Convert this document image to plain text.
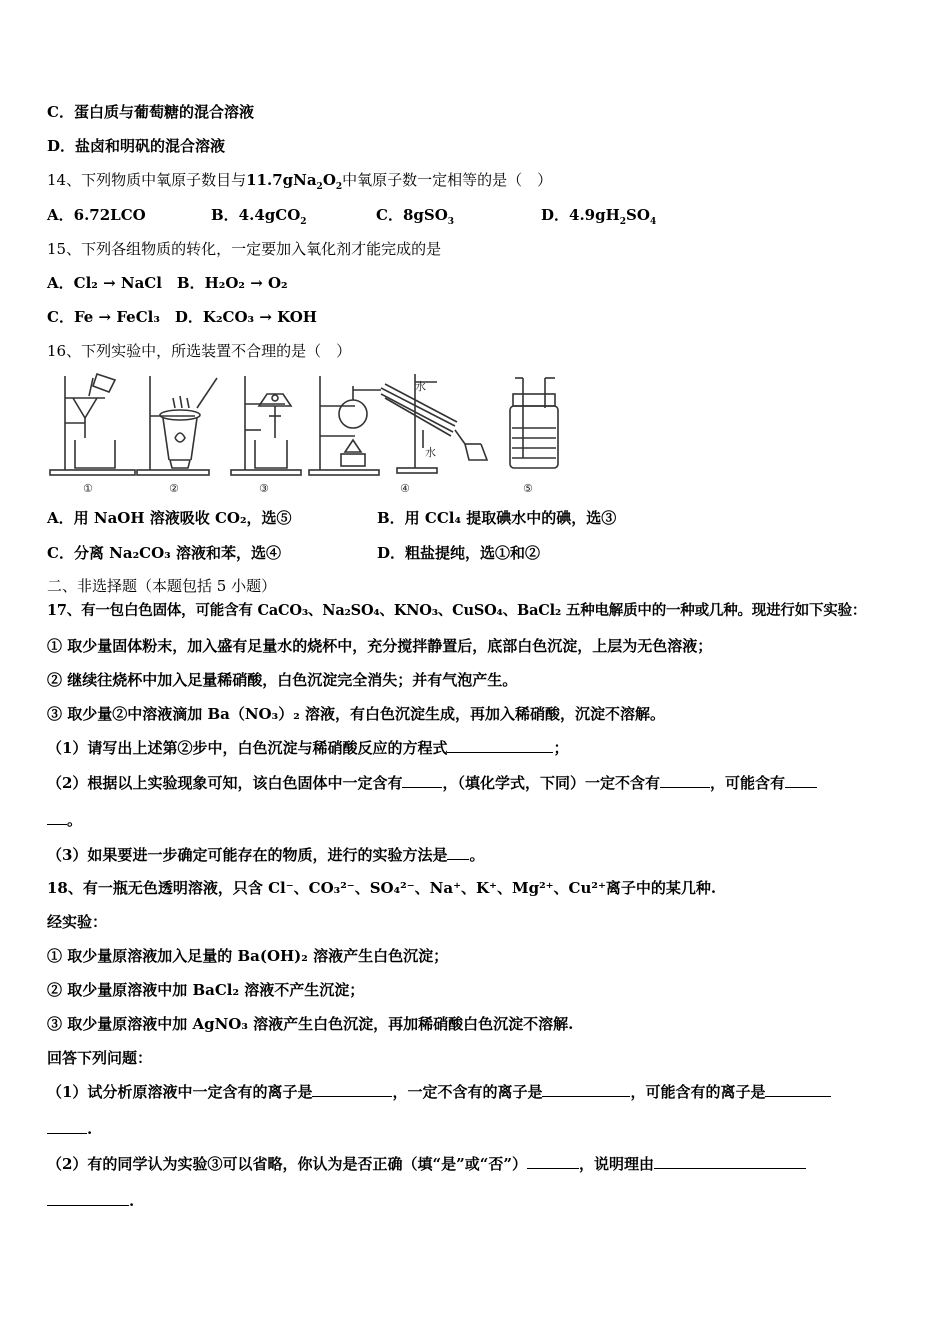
C．蛋白质与葡萄糖的混合溶液
D．盐卤和明矾的混合溶液
14、下列物质中氧原子数目与$11.7gNa_2O_2$中氧原子数一定相等的是（　）
A．6.72LCO	B．4.4gCO$_2$	C．8gSO$_3$	D．$4.9gH_2SO_4$
15、下列各组物质的转化，一定要加入氧化剂才能完成的是
A．Cl₂ → NaCl　B．H₂O₂ → O₂
C．Fe → FeCl₃　D．K₂CO₃ → KOH
16、下列实验中，所选装置不合理的是（　）
水
水
①	②	③	④	⑤
A．用 NaOH 溶液吸收 CO₂，选⑤	B．用 CCl₄ 提取碘水中的碘，选③
C．分离 Na₂CO₃ 溶液和苯，选④	D．粗盐提纯，选①和②
二、非选择题（本题包括 5 小题）
17、有一包白色固体，可能含有 CaCO₃、Na₂SO₄、KNO₃、CuSO₄、BaCl₂ 五种电解质中的一种或几种。现进行如下实验：
① 取少量固体粉末，加入盛有足量水的烧杯中，充分搅拌静置后，底部白色沉淀，上层为无色溶液；
② 继续往烧杯中加入足量稀硝酸，白色沉淀完全消失；并有气泡产生。
③ 取少量②中溶液滴加 Ba（NO₃）₂ 溶液，有白色沉淀生成，再加入稀硝酸，沉淀不溶解。
（1）请写出上述第②步中，白色沉淀与稀硝酸反应的方程式	；
（2）根据以上实验现象可知，该白色固体中一定含有	，（填化学式，下同）一定不含有	，可能含有
。
（3）如果要进一步确定可能存在的物质，进行的实验方法是 。
18、有一瓶无色透明溶液，只含 Cl⁻、CO₃²⁻、SO₄²⁻、Na⁺、K⁺、Mg²⁺、Cu²⁺离子中的某几种.
经实验：
① 取少量原溶液加入足量的 Ba(OH)₂ 溶液产生白色沉淀；
② 取少量原溶液中加 BaCl₂ 溶液不产生沉淀；
③ 取少量原溶液中加 AgNO₃ 溶液产生白色沉淀，再加稀硝酸白色沉淀不溶解.
回答下列问题：
（1）试分析原溶液中一定含有的离子是	，一定不含有的离子是	，可能含有的离子是
.
（2）有的同学认为实验③可以省略，你认为是否正确（填“是”或“否”）	，说明理由
.
